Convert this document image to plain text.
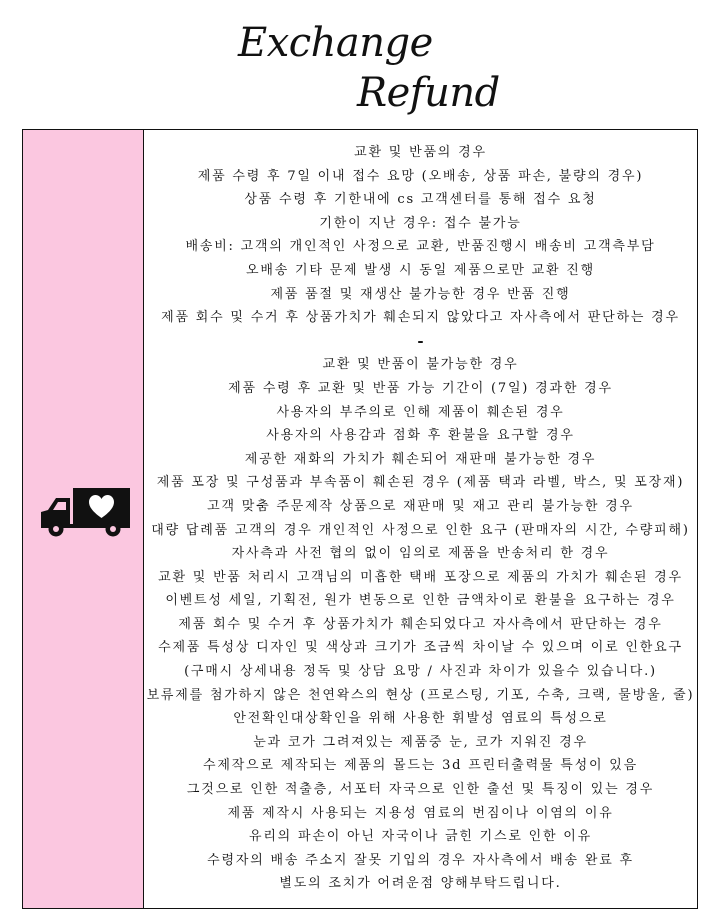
Exchange
Refund
교환 및 반품의 경우
제품 수령 후 7일 이내 접수 요망 (오배송, 상품 파손, 불량의 경우)
상품 수령 후 기한내에 cs 고객센터를 통해 접수 요청
기한이 지난 경우: 접수 불가능
배송비: 고객의 개인적인 사정으로 교환, 반품진행시 배송비 고객측부담
오배송 기타 문제 발생 시 동일 제품으로만 교환 진행
제품 품절 및 재생산 불가능한 경우 반품 진행
제품 회수 및 수거 후 상품가치가 훼손되지 않았다고 자사측에서 판단하는 경우
-
교환 및 반품이 불가능한 경우
제품 수령 후 교환 및 반품 가능 기간이 (7일) 경과한 경우
사용자의 부주의로 인해 제품이 훼손된 경우
사용자의 사용감과 점화 후 환불을 요구할 경우
제공한 재화의 가치가 훼손되어 재판매 불가능한 경우
제품 포장 및 구성품과 부속품이 훼손된 경우 (제품 택과 라벨, 박스, 및 포장재)
고객 맞춤 주문제작 상품으로 재판매 및 재고 관리 불가능한 경우
대량 답례품 고객의 경우 개인적인 사정으로 인한 요구 (판매자의 시간, 수량피해)
자사측과 사전 협의 없이 임의로 제품을 반송처리 한 경우
교환 및 반품 처리시 고객님의 미흡한 택배 포장으로 제품의 가치가 훼손된 경우
이벤트성 세일, 기획전, 원가 변동으로 인한 금액차이로 환불을 요구하는 경우
제품 회수 및 수거 후 상품가치가 훼손되었다고 자사측에서 판단하는 경우
수제품 특성상 디자인 및 색상과 크기가 조금씩 차이날 수 있으며 이로 인한요구
(구매시 상세내용 정독 및 상담 요망 / 사진과 차이가 있을수 있습니다.)
보류제를 첨가하지 않은 천연왁스의 현상 (프로스팅, 기포, 수축, 크랙, 물방울, 줄)
안전확인대상확인을 위해 사용한 휘발성 염료의 특성으로
눈과 코가 그려져있는 제품중 눈, 코가 지워진 경우
수제작으로 제작되는 제품의 몰드는 3d 프린터출력물 특성이 있음
그것으로 인한 적출층, 서포터 자국으로 인한 출선 및 특징이 있는 경우
제품 제작시 사용되는 지용성 염료의 번짐이나 이염의 이유
유리의 파손이 아닌 자국이나 긁힌 기스로 인한 이유
수령자의 배송 주소지 잘못 기입의 경우 자사측에서 배송 완료 후
별도의 조치가 어려운점 양해부탁드립니다.
